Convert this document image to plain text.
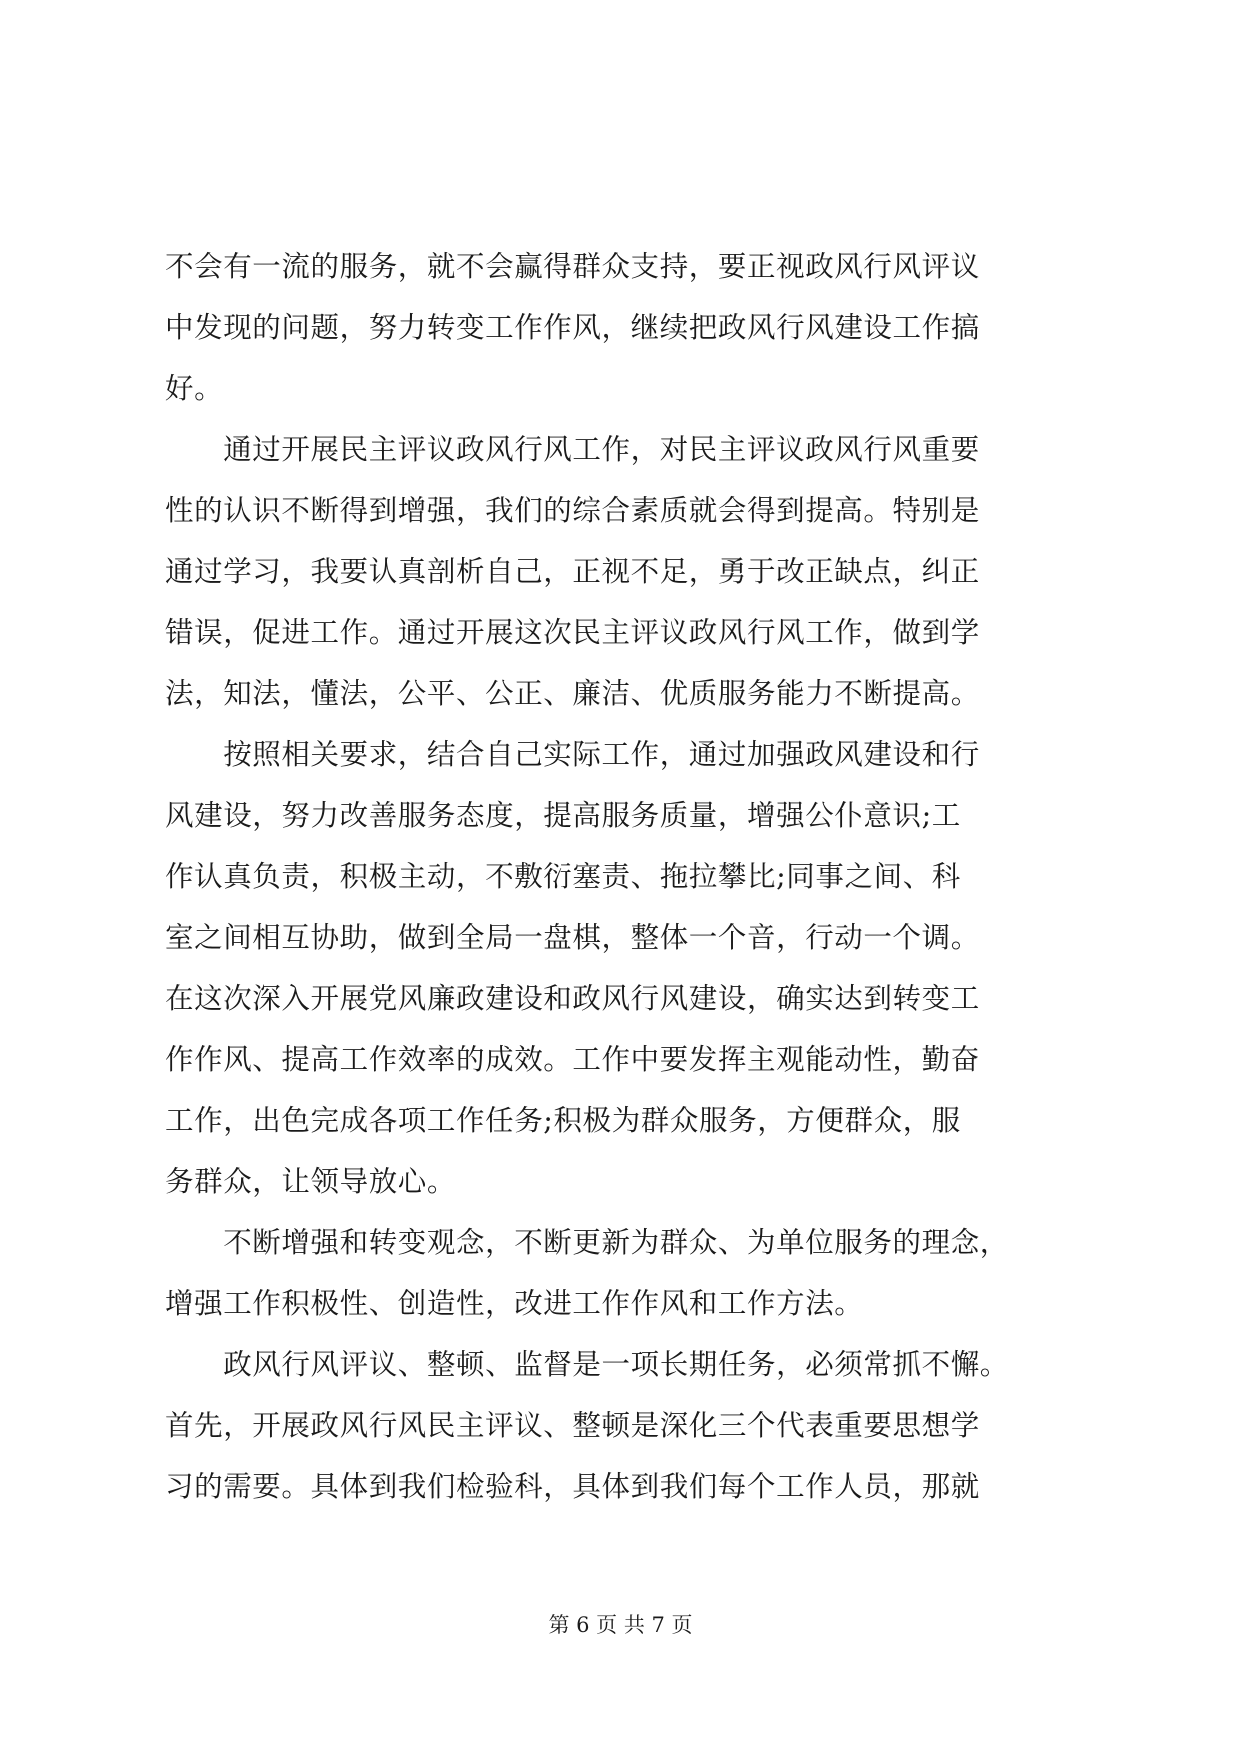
不会有一流的服务，就不会赢得群众支持，要正视政风行风评议
中发现的问题，努力转变工作作风，继续把政风行风建设工作搞
好。
　　通过开展民主评议政风行风工作，对民主评议政风行风重要
性的认识不断得到增强，我们的综合素质就会得到提高。特别是
通过学习，我要认真剖析自己，正视不足，勇于改正缺点，纠正
错误，促进工作。通过开展这次民主评议政风行风工作，做到学
法，知法，懂法，公平、公正、廉洁、优质服务能力不断提高。
　　按照相关要求，结合自己实际工作，通过加强政风建设和行
风建设，努力改善服务态度，提高服务质量，增强公仆意识;工
作认真负责，积极主动，不敷衍塞责、拖拉攀比;同事之间、科
室之间相互协助，做到全局一盘棋，整体一个音，行动一个调。
在这次深入开展党风廉政建设和政风行风建设，确实达到转变工
作作风、提高工作效率的成效。工作中要发挥主观能动性，勤奋
工作，出色完成各项工作任务;积极为群众服务，方便群众，服
务群众，让领导放心。
　　不断增强和转变观念，不断更新为群众、为单位服务的理念，
增强工作积极性、创造性，改进工作作风和工作方法。
　　政风行风评议、整顿、监督是一项长期任务，必须常抓不懈。
首先，开展政风行风民主评议、整顿是深化三个代表重要思想学
习的需要。具体到我们检验科，具体到我们每个工作人员，那就
第 6 页 共 7 页
